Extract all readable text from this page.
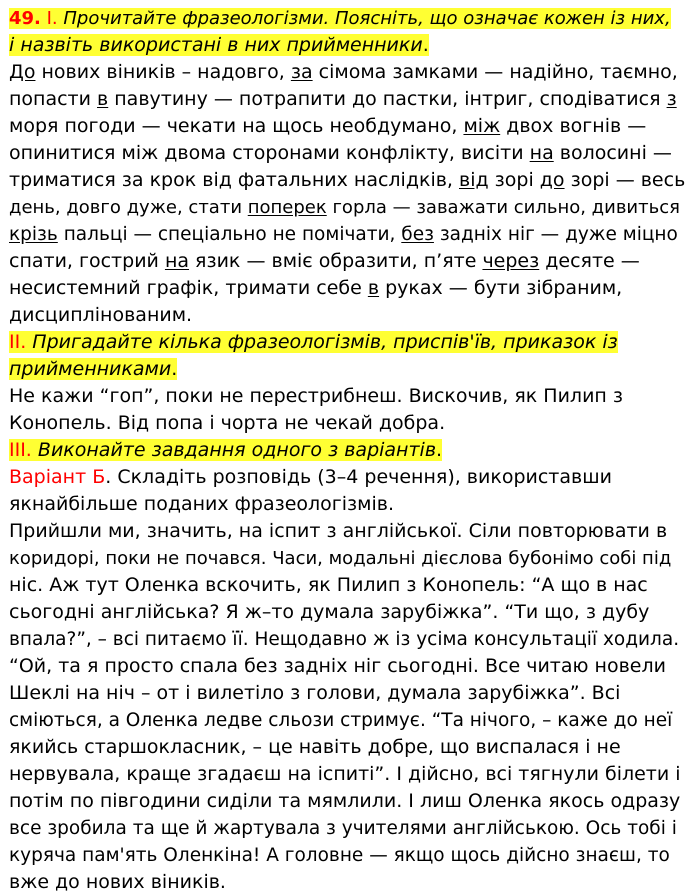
49. І. Прочитайте фразеологізми. Поясніть, що означає кожен із них,
і назвіть використані в них прийменники.
До нових віників – надовго, за сімома замками — надійно, таємно,
попасти в павутину — потрапити до пастки, інтриг, сподіватися з
моря погоди — чекати на щось необдумано, між двох вогнів —
опинитися між двома сторонами конфлікту, висіти на волосині —
триматися за крок від фатальних наслідків, від зорі до зорі — весь
день, довго дуже, стати поперек горла — заважати сильно, дивиться
крізь пальці — спеціально не помічати, без задніх ніг — дуже міцно
спати, гострий на язик — вміє образити, п’яте через десяте —
несистемний графік, тримати себе в руках — бути зібраним,
дисциплінованим.
ІІ. Пригадайте кілька фразеологізмів, приспів'їв, приказок із
прийменниками.
Не кажи “гоп”, поки не перестрибнеш. Вискочив, як Пилип з
Конопель. Від попа і чорта не чекай добра.
ІІІ. Виконайте завдання одного з варіантів.
Варіант Б. Складіть розповідь (3–4 речення), використавши
якнайбільше поданих фразеологізмів.
Прийшли ми, значить, на іспит з англійської. Сіли повторювати в
коридорі, поки не почався. Часи, модальні дієслова бубонімо собі під
ніс. Аж тут Оленка вскочить, як Пилип з Конопель: “А що в нас
сьогодні англійська? Я ж–то думала зарубіжка”. “Ти що, з дубу
впала?”, – всі питаємо її. Нещодавно ж із усіма консультації ходила.
“Ой, та я просто спала без задніх ніг сьогодні. Все читаю новели
Шеклі на ніч – от і вилетіло з голови, думала зарубіжка”. Всі
сміються, а Оленка ледве сльози стримує. “Та нічого, – каже до неї
якийсь старшокласник, – це навіть добре, що виспалася і не
нервувала, краще згадаєш на іспиті”. І дійсно, всі тягнули білети і
потім по півгодини сиділи та мямлили. І лиш Оленка якось одразу
все зробила та ще й жартувала з учителями англійською. Ось тобі і
куряча пам'ять Оленкіна! А головне — якщо щось дійсно знаєш, то
вже до нових віників.
